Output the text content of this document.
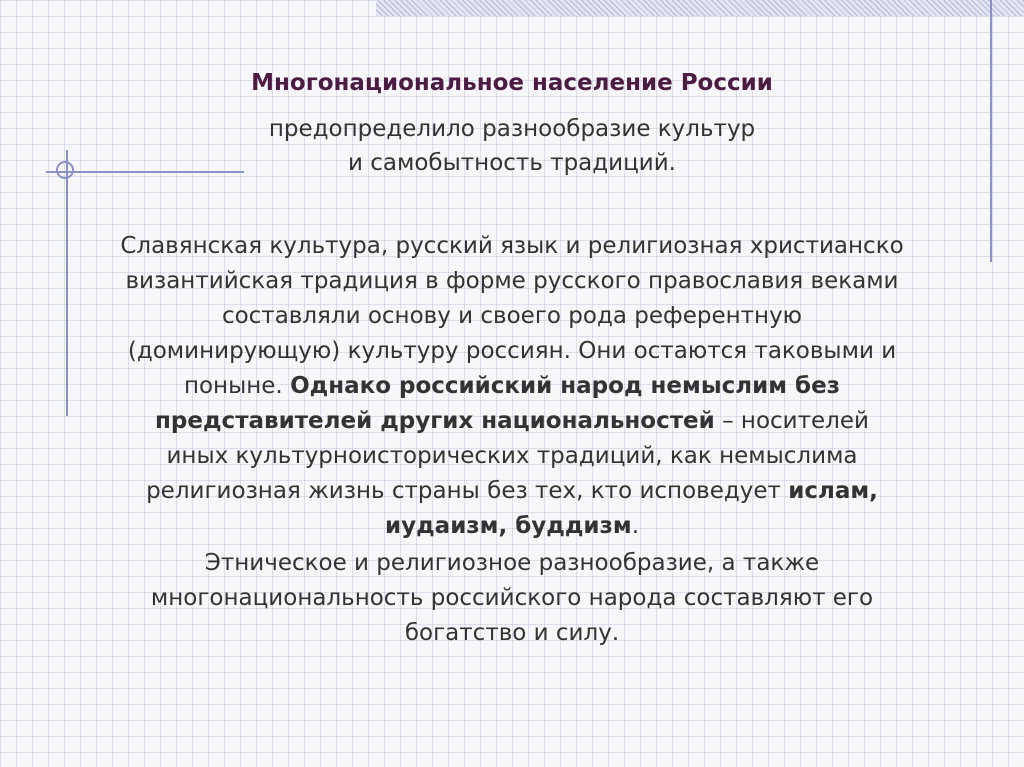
Многонациональное население России
предопределило разнообразие культур
и самобытность традиций.
Славянская культура, русский язык и религиозная христианско
византийская традиция в форме русского православия веками
составляли основу и своего рода референтную
(доминирующую) культуру россиян. Они остаются таковыми и
поныне. Однако российский народ немыслим без
представителей других национальностей – носителей
иных культурноисторических традиций, как немыслима
религиозная жизнь страны без тех, кто исповедует ислам,
иудаизм, буддизм.
Этническое и религиозное разнообразие, а также
многонациональность российского народа составляют его
богатство и силу.
